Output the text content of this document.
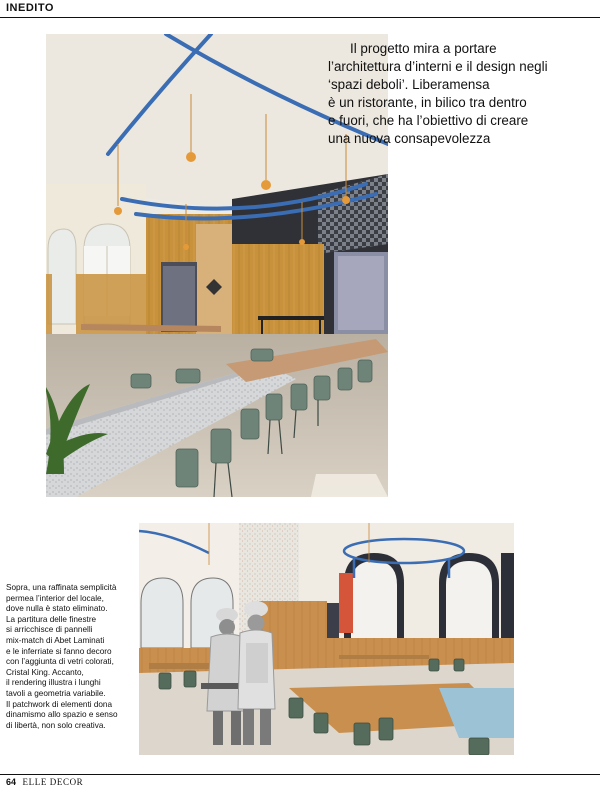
INEDITO

Il progetto mira a portare

l’architettura d’interni e il design negli

‘spazi deboli’. Liberamensa

è un ristorante, in bilico tra dentro

e fuori, che ha l’obiettivo di creare

una nuova consapevolezza

Sopra, una raffinata semplicità
permea l’interior del locale,
dove nulla è stato eliminato.
La partitura delle finestre
si arricchisce di pannelli
mix-match di Abet Laminati
e le inferriate si fanno decoro
con l’aggiunta di vetri colorati,
Cristal King. Accanto,
il rendering illustra i lunghi
tavoli a geometria variabile.
Il patchwork di elementi dona
dinamismo allo spazio e senso
di libertà, non solo creativa.
64 ELLE DECOR
